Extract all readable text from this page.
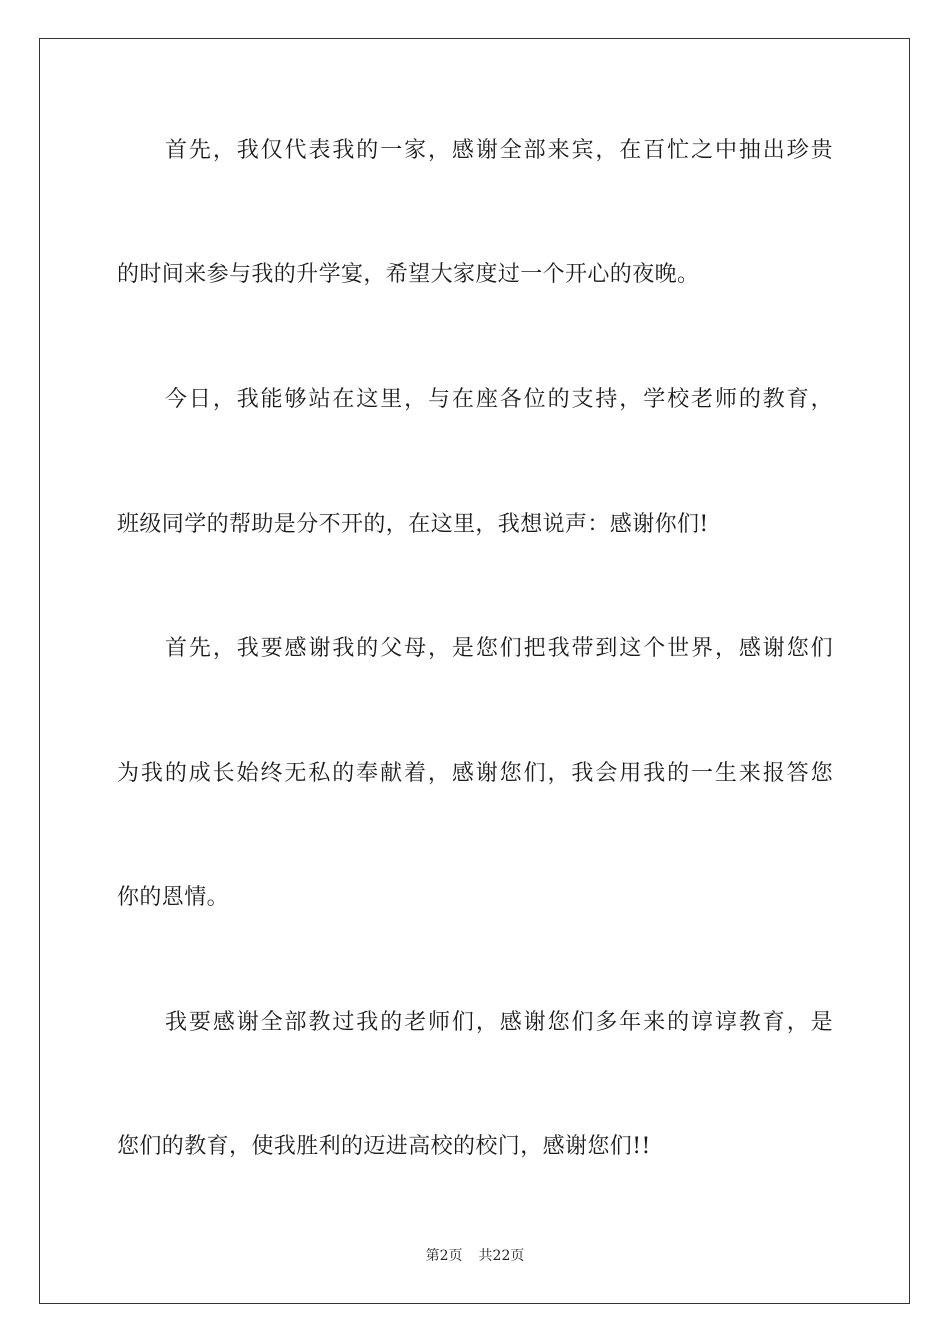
首先，我仅代表我的一家，感谢全部来宾，在百忙之中抽出珍贵
的时间来参与我的升学宴，希望大家度过一个开心的夜晚。
今日，我能够站在这里，与在座各位的支持，学校老师的教育，
班级同学的帮助是分不开的，在这里，我想说声：感谢你们!
首先，我要感谢我的父母，是您们把我带到这个世界，感谢您们
为我的成长始终无私的奉献着，感谢您们，我会用我的一生来报答您
你的恩情。
我要感谢全部教过我的老师们，感谢您们多年来的谆谆教育，是
您们的教育，使我胜利的迈进高校的校门，感谢您们!!
第2页 共22页
